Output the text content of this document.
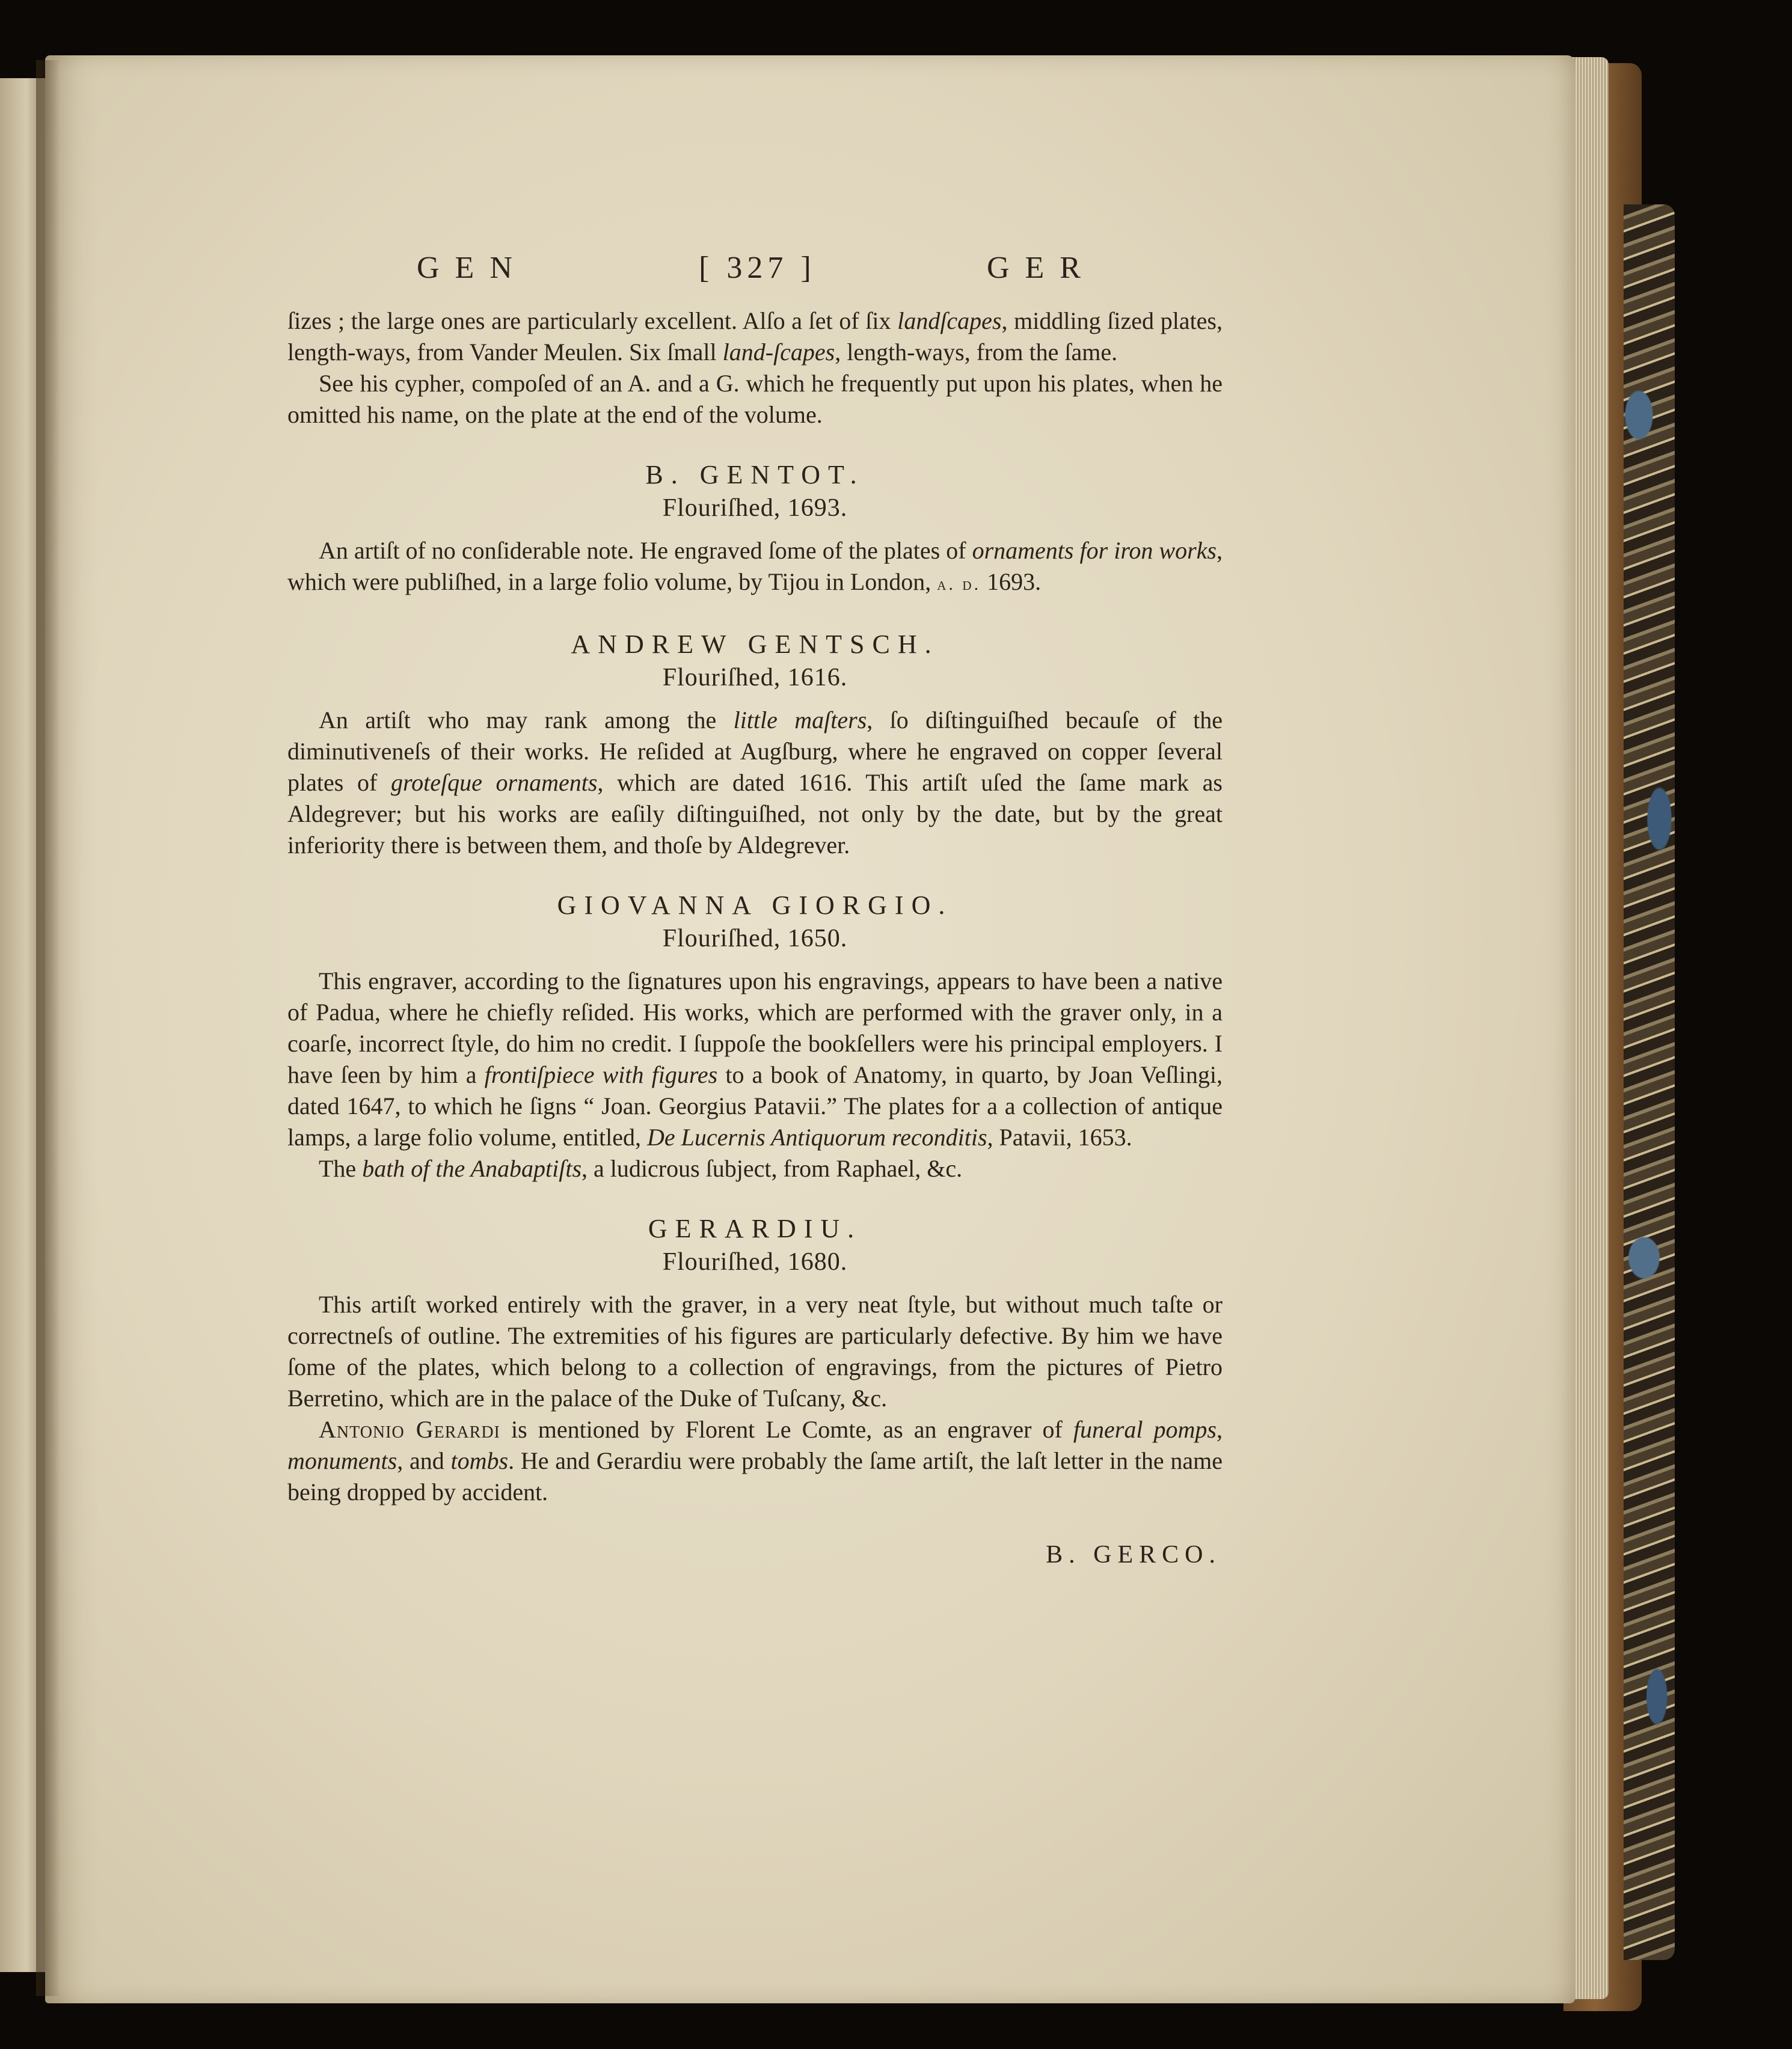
GEN	[ 327 ]	GER

ſizes ; the large ones are particularly excellent. Alſo a ſet of ſix landſcapes, middling ſized plates, length-ways, from Vander Meulen. Six ſmall land-ſcapes, length-ways, from the ſame.

See his cypher, compoſed of an A. and a G. which he frequently put upon his plates, when he omitted his name, on the plate at the end of the volume.

B. GENTOT.
Flouriſhed, 1693.

An artiſt of no conſiderable note. He engraved ſome of the plates of ornaments for iron works, which were publiſhed, in a large folio volume, by Tijou in London, a. d. 1693.

ANDREW GENTSCH.
Flouriſhed, 1616.

An artiſt who may rank among the little maſters, ſo diſtinguiſhed becauſe of the diminutiveneſs of their works. He reſided at Augſburg, where he engraved on copper ſeveral plates of groteſque ornaments, which are dated 1616. This artiſt uſed the ſame mark as Aldegrever; but his works are eaſily diſtinguiſhed, not only by the date, but by the great inferiority there is between them, and thoſe by Aldegrever.

GIOVANNA GIORGIO.
Flouriſhed, 1650.

This engraver, according to the ſignatures upon his engravings, appears to have been a native of Padua, where he chiefly reſided. His works, which are performed with the graver only, in a coarſe, incorrect ſtyle, do him no credit. I ſuppoſe the bookſellers were his principal employers. I have ſeen by him a frontiſpiece with figures to a book of Anatomy, in quarto, by Joan Veſlingi, dated 1647, to which he ſigns “ Joan. Georgius Patavii.” The plates for a a collection of antique lamps, a large folio volume, entitled, De Lucernis Antiquorum reconditis, Patavii, 1653.

The bath of the Anabaptiſts, a ludicrous ſubject, from Raphael, &c.

GERARDIU.
Flouriſhed, 1680.

This artiſt worked entirely with the graver, in a very neat ſtyle, but without much taſte or correctneſs of outline. The extremities of his figures are particularly defective. By him we have ſome of the plates, which belong to a collection of engravings, from the pictures of Pietro Berretino, which are in the palace of the Duke of Tuſcany, &c.

Antonio Gerardi is mentioned by Florent Le Comte, as an engraver of funeral pomps, monuments, and tombs. He and Gerardiu were probably the ſame artiſt, the laſt letter in the name being dropped by accident.

B. GERCO.
